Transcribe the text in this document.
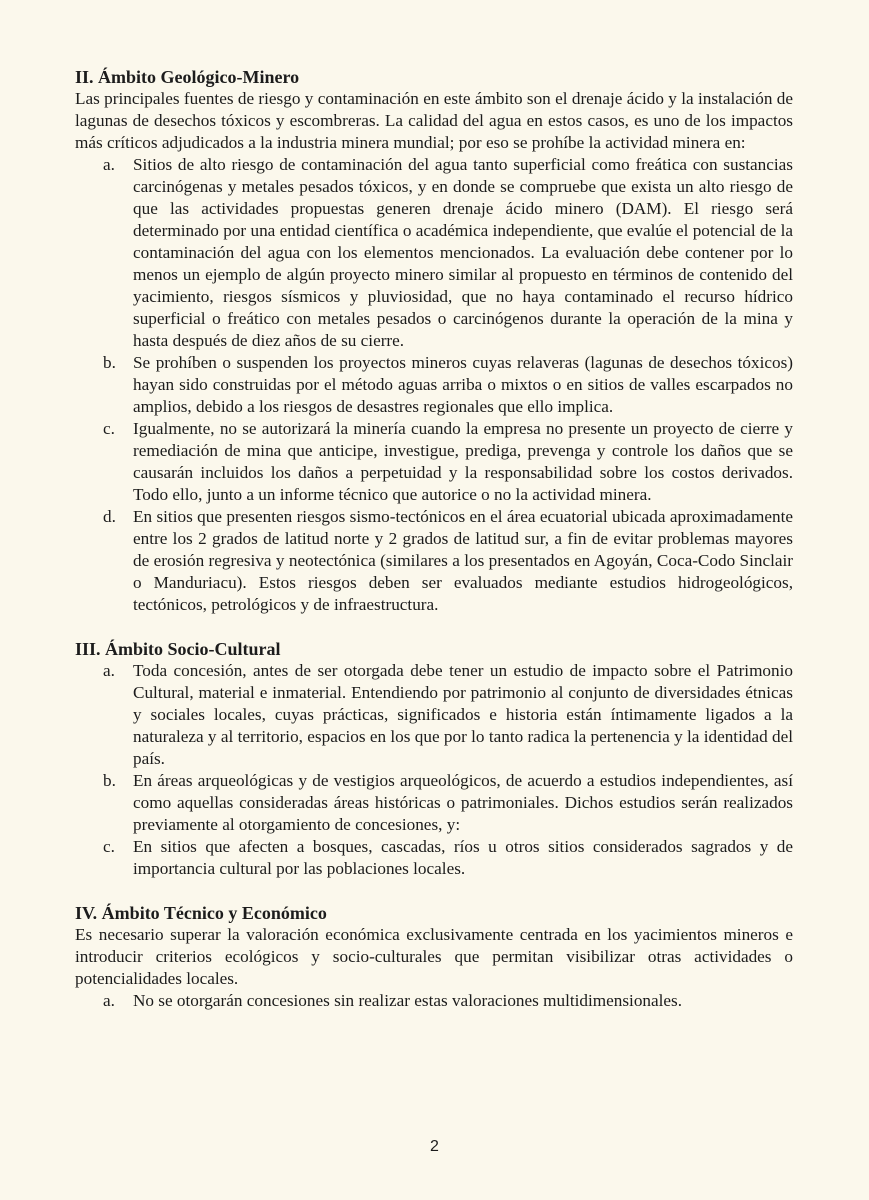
II. Ámbito Geológico-Minero

Las principales fuentes de riesgo y contaminación en este ámbito son el drenaje ácido y la instalación de lagunas de desechos tóxicos y escombreras. La calidad del agua en estos casos, es uno de los impactos más críticos adjudicados a la industria minera mundial; por eso se prohíbe la actividad minera en:

a. Sitios de alto riesgo de contaminación del agua tanto superficial como freática con sustancias carcinógenas y metales pesados tóxicos, y en donde se compruebe que exista un alto riesgo de que las actividades propuestas generen drenaje ácido minero (DAM). El riesgo será determinado por una entidad científica o académica independiente, que evalúe el potencial de la contaminación del agua con los elementos mencionados. La evaluación debe contener por lo menos un ejemplo de algún proyecto minero similar al propuesto en términos de contenido del yacimiento, riesgos sísmicos y pluviosidad, que no haya contaminado el recurso hídrico superficial o freático con metales pesados o carcinógenos durante la operación de la mina y hasta después de diez años de su cierre.
b. Se prohíben o suspenden los proyectos mineros cuyas relaveras (lagunas de desechos tóxicos) hayan sido construidas por el método aguas arriba o mixtos o en sitios de valles escarpados no amplios, debido a los riesgos de desastres regionales que ello implica.
c. Igualmente, no se autorizará la minería cuando la empresa no presente un proyecto de cierre y remediación de mina que anticipe, investigue, prediga, prevenga y controle los daños que se causarán incluidos los daños a perpetuidad y la responsabilidad sobre los costos derivados. Todo ello, junto a un informe técnico que autorice o no la actividad minera.
d. En sitios que presenten riesgos sismo-tectónicos en el área ecuatorial ubicada aproximadamente entre los 2 grados de latitud norte y 2 grados de latitud sur, a fin de evitar problemas mayores de erosión regresiva y neotectónica (similares a los presentados en Agoyán, Coca-Codo Sinclair o Manduriacu). Estos riesgos deben ser evaluados mediante estudios hidrogeológicos, tectónicos, petrológicos y de infraestructura.
III. Ámbito Socio-Cultural
a. Toda concesión, antes de ser otorgada debe tener un estudio de impacto sobre el Patrimonio Cultural, material e inmaterial. Entendiendo por patrimonio al conjunto de diversidades étnicas y sociales locales, cuyas prácticas, significados e historia están íntimamente ligados a la naturaleza y al territorio, espacios en los que por lo tanto radica la pertenencia y la identidad del país.
b. En áreas arqueológicas y de vestigios arqueológicos, de acuerdo a estudios independientes, así como aquellas consideradas áreas históricas o patrimoniales. Dichos estudios serán realizados previamente al otorgamiento de concesiones, y:
c. En sitios que afecten a bosques, cascadas, ríos u otros sitios considerados sagrados y de importancia cultural por las poblaciones locales.
IV. Ámbito Técnico y Económico

Es necesario superar la valoración económica exclusivamente centrada en los yacimientos mineros e introducir criterios ecológicos y socio-culturales que permitan visibilizar otras actividades o potencialidades locales.

a. No se otorgarán concesiones sin realizar estas valoraciones multidimensionales.
2
